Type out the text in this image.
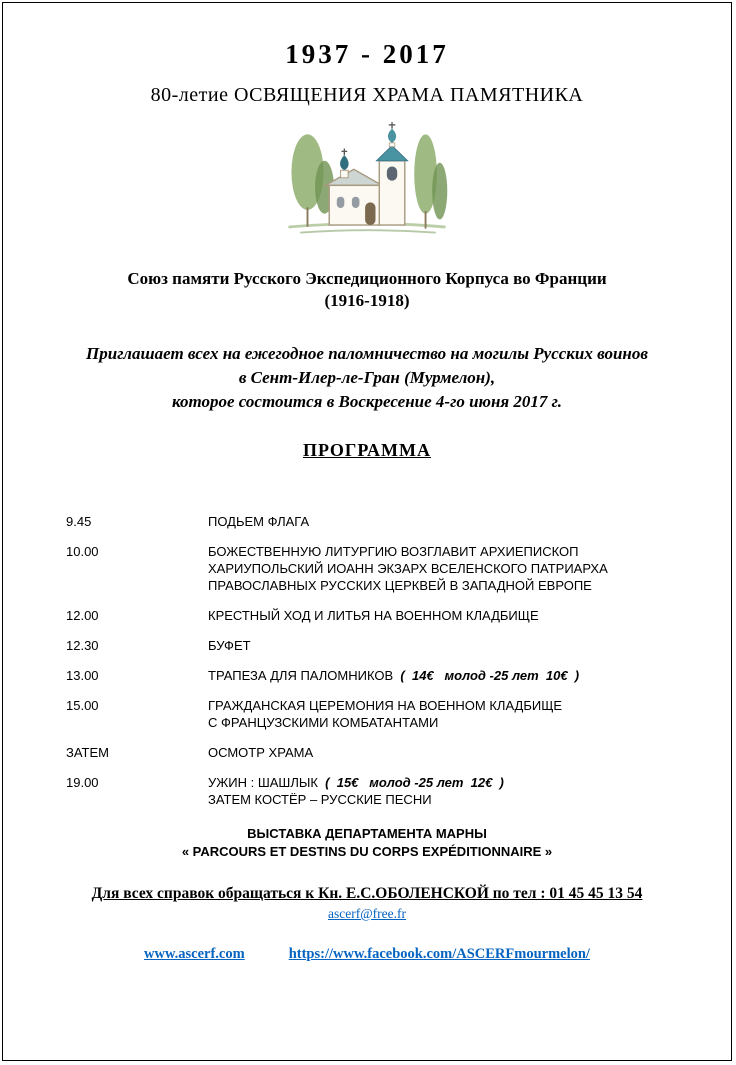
1937 - 2017
80-летие ОСВЯЩЕНИЯ ХРАМА ПАМЯТНИКА
Союз памяти Русского Экспедиционного Корпуса во Франции
(1916-1918)
Приглашает всех на ежегодное паломничество на могилы Русских воинов
в Сент-Илер-ле-Гран (Мурмелон),
которое состоится в Воскресение 4-го июня 2017 г.
ПРОГРАММА
9.45	ПОДЬЕМ ФЛАГА
10.00	БОЖЕСТВЕННУЮ ЛИТУРГИЮ ВОЗГЛАВИТ АРХИЕПИСКОП
ХАРИУПОЛЬСКИЙ ИОАНН ЭКЗАРХ ВСЕЛЕНСКОГО ПАТРИАРХА
ПРАВОСЛАВНЫХ РУССКИХ ЦЕРКВЕЙ В ЗАПАДНОЙ ЕВРОПЕ
12.00	КРЕСТНЫЙ ХОД И ЛИТЬЯ НА ВОЕННОМ КЛАДБИЩЕ
12.30	БУФЕТ
13.00	ТРАПЕЗА ДЛЯ ПАЛОМНИКОВ  (  14€   молод -25 лет  10€  )
15.00	ГРАЖДАНСКАЯ ЦЕРЕМОНИЯ НА ВОЕННОМ КЛАДБИЩЕ
С ФРАНЦУЗСКИМИ КОМБАТАНТАМИ
ЗАТЕМ	ОСМОТР ХРАМА
19.00	УЖИН : ШАШЛЫК  (  15€   молод -25 лет  12€  )
ЗАТЕМ КОСТЁР – РУССКИЕ ПЕСНИ
ВЫСТАВКА ДЕПАРТАМЕНТА МАРНЫ
« PARCOURS ET DESTINS DU CORPS EXPÉDITIONNAIRE »
Для всех справок обращаться к Кн. Е.С.ОБОЛЕНСКОЙ по тел : 01 45 45 13 54
ascerf@free.fr
www.ascerf.com	https://www.facebook.com/ASCERFmourmelon/
